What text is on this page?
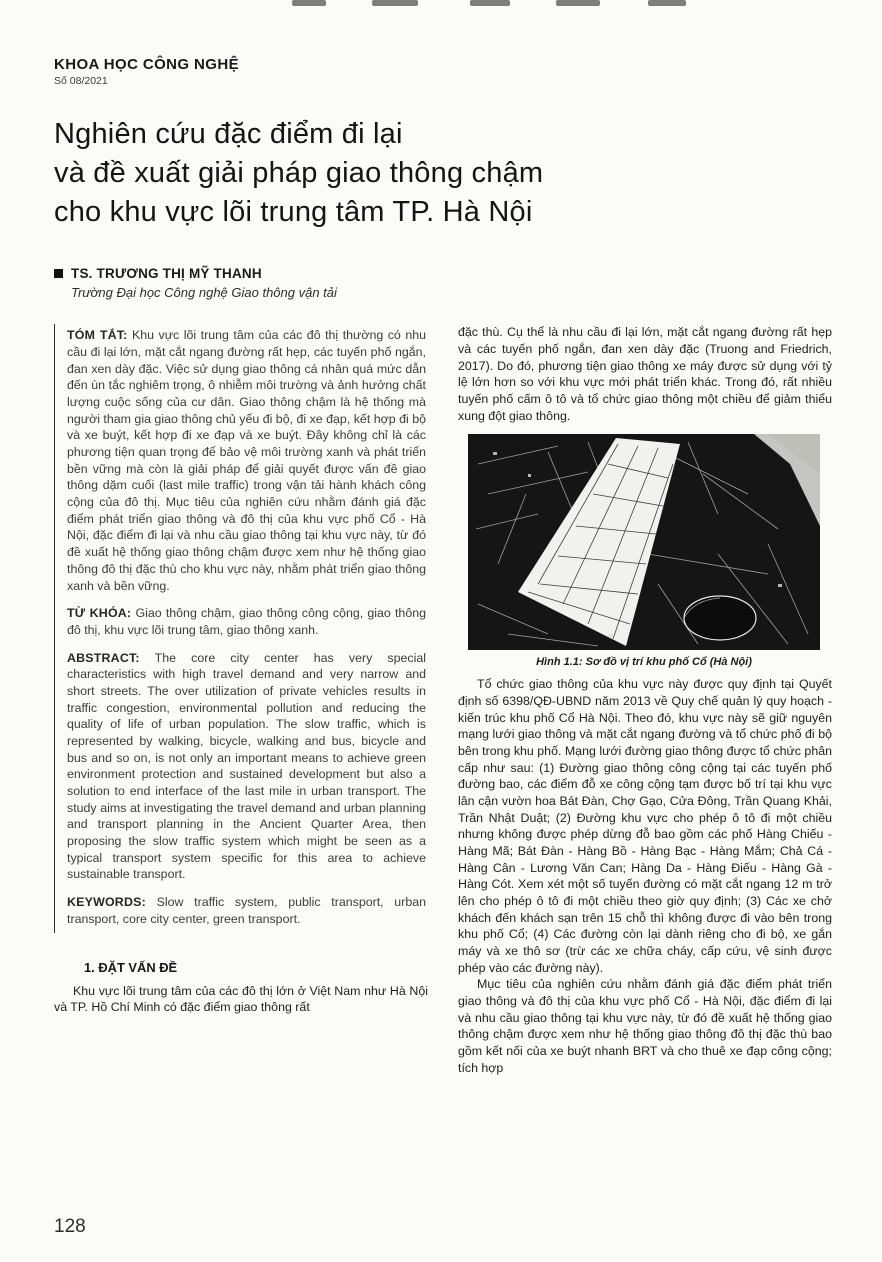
KHOA HỌC CÔNG NGHỆ
Số 08/2021
Nghiên cứu đặc điểm đi lại
và đề xuất giải pháp giao thông chậm
cho khu vực lõi trung tâm TP. Hà Nội
TS. TRƯƠNG THỊ MỸ THANH
Trường Đại học Công nghệ Giao thông vận tải

TÓM TẮT: Khu vực lõi trung tâm của các đô thị thường có nhu cầu đi lại lớn, mặt cắt ngang đường rất hẹp, các tuyến phố ngắn, đan xen dày đặc. Việc sử dụng giao thông cá nhân quá mức dẫn đến ùn tắc nghiêm trọng, ô nhiễm môi trường và ảnh hưởng chất lượng cuộc sống của cư dân. Giao thông chậm là hệ thống mà người tham gia giao thông chủ yếu đi bộ, đi xe đạp, kết hợp đi bộ và xe buýt, kết hợp đi xe đạp và xe buýt. Đây không chỉ là các phương tiện quan trọng để bảo vệ môi trường xanh và phát triển bền vững mà còn là giải pháp để giải quyết được vấn đề giao thông dặm cuối (last mile traffic) trong vận tải hành khách công cộng của đô thị. Mục tiêu của nghiên cứu nhằm đánh giá đặc điểm phát triển giao thông và đô thị của khu vực phố Cổ - Hà Nội, đặc điểm đi lại và nhu cầu giao thông tại khu vực này, từ đó đề xuất hệ thống giao thông chậm được xem như hệ thống giao thông đô thị đặc thù cho khu vực này, nhằm phát triển giao thông xanh và bền vững.

TỪ KHÓA: Giao thông chậm, giao thông công cộng, giao thông đô thị, khu vực lõi trung tâm, giao thông xanh.

ABSTRACT: The core city center has very special characteristics with high travel demand and very narrow and short streets. The over utilization of private vehicles results in traffic congestion, environmental pollution and reducing the quality of life of urban population. The slow traffic, which is represented by walking, bicycle, walking and bus, bicycle and bus and so on, is not only an important means to achieve green environment protection and sustained development but also a solution to end interface of the last mile in urban transport. The study aims at investigating the travel demand and urban planning and transport planning in the Ancient Quarter Area, then proposing the slow traffic system which might be seen as a typical transport system specific for this area to achieve sustainable transport.

KEYWORDS: Slow traffic system, public transport, urban transport, core city center, green transport.

1. ĐẶT VẤN ĐỀ

Khu vực lõi trung tâm của các đô thị lớn ở Việt Nam như Hà Nội và TP. Hồ Chí Minh có đặc điểm giao thông rất

đặc thù. Cụ thể là nhu cầu đi lại lớn, mặt cắt ngang đường rất hẹp và các tuyến phố ngắn, đan xen dày đặc (Truong and Friedrich, 2017). Do đó, phương tiện giao thông xe máy được sử dụng với tỷ lệ lớn hơn so với khu vực mới phát triển khác. Trong đó, rất nhiều tuyến phố cấm ô tô và tổ chức giao thông một chiều để giảm thiểu xung đột giao thông.

Hình 1.1: Sơ đồ vị trí khu phố Cổ (Hà Nội)

Tổ chức giao thông của khu vực này được quy định tại Quyết định số 6398/QĐ-UBND năm 2013 về Quy chế quản lý quy hoạch - kiến trúc khu phố Cổ Hà Nội. Theo đó, khu vực này sẽ giữ nguyên mạng lưới giao thông và mặt cắt ngang đường và tổ chức phố đi bộ bên trong khu phố. Mạng lưới đường giao thông được tổ chức phân cấp như sau: (1) Đường giao thông công cộng tại các tuyến phố đường bao, các điểm đỗ xe công cộng tạm được bố trí tại khu vực lân cận vườn hoa Bát Đàn, Chợ Gạo, Cửa Đông, Trần Quang Khải, Trần Nhật Duật; (2) Đường khu vực cho phép ô tô đi một chiều nhưng không được phép dừng đỗ bao gồm các phố Hàng Chiếu - Hàng Mã; Bát Đàn - Hàng Bồ - Hàng Bạc - Hàng Mắm; Chả Cá - Hàng Cân - Lương Văn Can; Hàng Da - Hàng Điếu - Hàng Gà - Hàng Cót. Xem xét một số tuyến đường có mặt cắt ngang 12 m trở lên cho phép ô tô đi một chiều theo giờ quy định; (3) Các xe chở khách đến khách sạn trên 15 chỗ thì không được đi vào bên trong khu phố Cổ; (4) Các đường còn lại dành riêng cho đi bộ, xe gắn máy và xe thô sơ (trừ các xe chữa cháy, cấp cứu, vệ sinh được phép vào các đường này).

Mục tiêu của nghiên cứu nhằm đánh giá đặc điểm phát triển giao thông và đô thị của khu vực phố Cổ - Hà Nội, đặc điểm đi lại và nhu cầu giao thông tại khu vực này, từ đó đề xuất hệ thống giao thông chậm được xem như hệ thống giao thông đô thị đặc thù bao gồm kết nối của xe buýt nhanh BRT và cho thuê xe đạp công cộng; tích hợp

128
